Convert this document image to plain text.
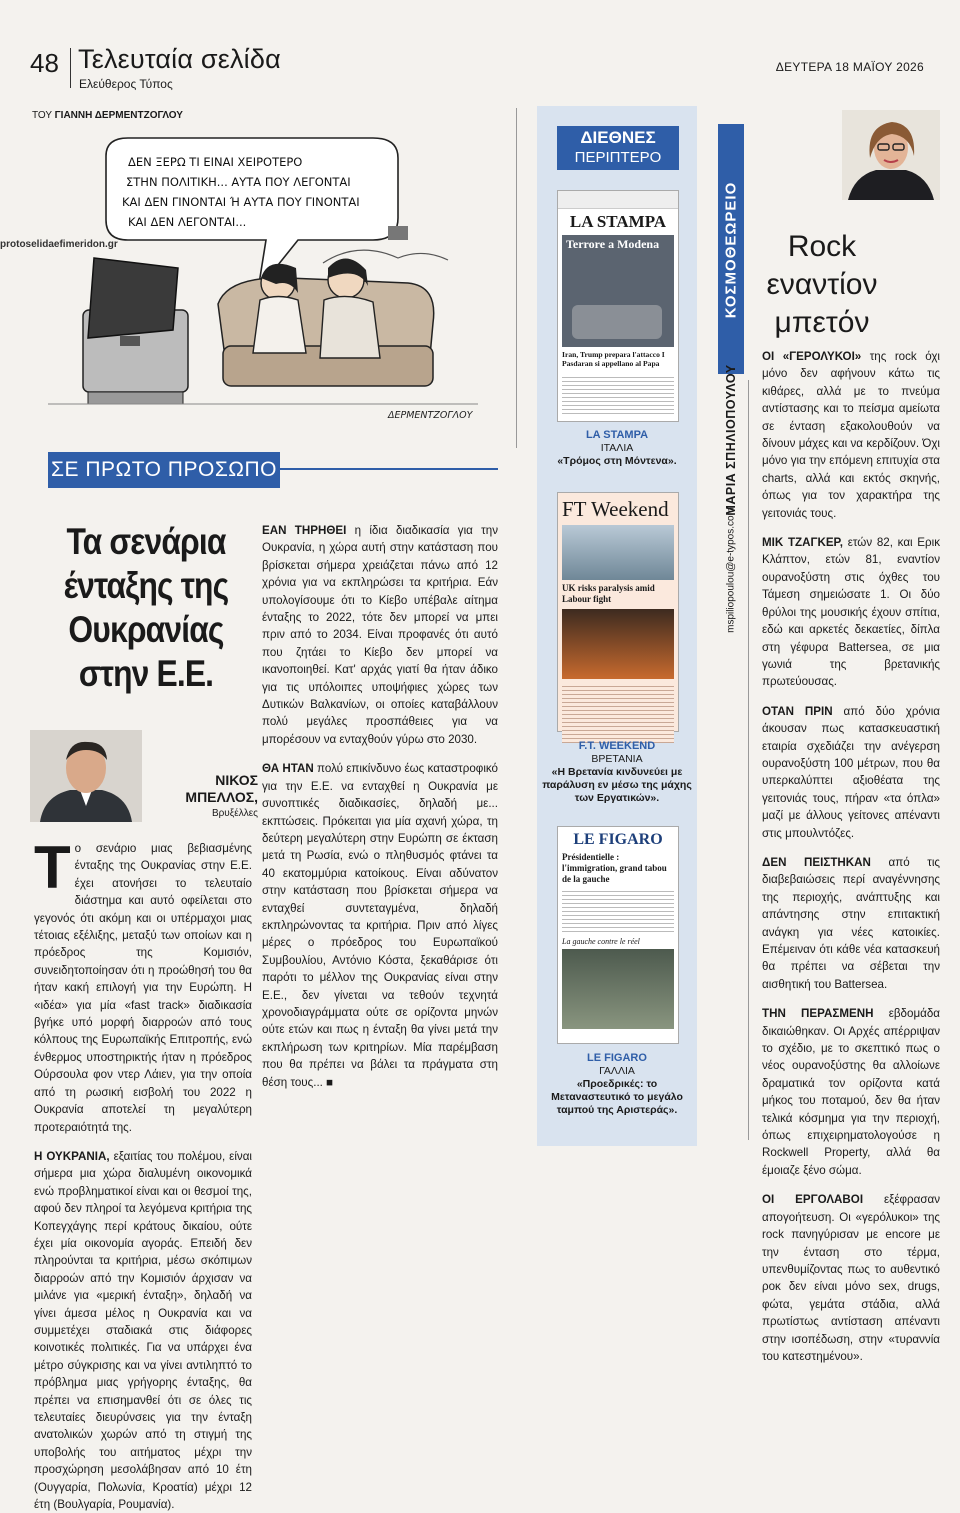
48 Τελευταία σελίδα
Ελεύθερος Τύπος
ΔΕΥΤΕΡΑ 18 ΜΑΪΟΥ 2026
protoselidaefimeridon.gr
ΤΟΥ ΓΙΑΝΝΗ ΔΕΡΜΕΝΤΖΟΓΛΟΥ
ΔΕΝ ΞΕΡΩ ΤΙ ΕΙΝΑΙ ΧΕΙΡΟΤΕΡΟ
ΣΤΗΝ ΠΟΛΙΤΙΚΗ... ΑΥΤΑ ΠΟΥ ΛΕΓΟΝΤΑΙ
ΚΑΙ ΔΕΝ ΓΙΝΟΝΤΑΙ Ή ΑΥΤΑ ΠΟΥ ΓΙΝΟΝΤΑΙ
ΚΑΙ ΔΕΝ ΛΕΓΟΝΤΑΙ...
ΔΕΡΜΕΝΤΖΟΓΛΟΥ
ΣΕ ΠΡΩΤΟ ΠΡΟΣΩΠΟ
Τα σενάρια ένταξης της Ουκρανίας στην Ε.Ε.
ΝΙΚΟΣ ΜΠΕΛΛΟΣ,
Βρυξέλλες

Το σενάριο μιας βεβιασμένης ένταξης της Ουκρανίας στην Ε.Ε. έχει ατονήσει το τελευταίο διάστημα και αυτό οφείλεται στο γεγονός ότι ακόμη και οι υπέρμαχοι μιας τέτοιας εξέλιξης, μεταξύ των οποίων και η πρόεδρος της Κομισιόν, συνειδητοποίησαν ότι η προώθησή του θα ήταν κακή επιλογή για την Ευρώπη. Η «ιδέα» για μία «fast track» διαδικασία βγήκε υπό μορφή διαρροών από τους κόλπους της Ευρωπαϊκής Επιτροπής, ενώ ένθερμος υποστηρικτής ήταν η πρόεδρος Ούρσουλα φον ντερ Λάιεν, για την οποία από τη ρωσική εισβολή του 2022 η Ουκρανία αποτελεί τη μεγαλύτερη προτεραιότητά της.

Η ΟΥΚΡΑΝΙΑ, εξαιτίας του πολέμου, είναι σήμερα μια χώρα διαλυμένη οικονομικά ενώ προβληματικοί είναι και οι θεσμοί της, αφού δεν πληροί τα λεγόμενα κριτήρια της Κοπεγχάγης περί κράτους δικαίου, ούτε έχει μία οικονομία αγοράς. Επειδή δεν πληρούνται τα κριτήρια, μέσω σκόπιμων διαρροών από την Κομισιόν άρχισαν να μιλάνε για «μερική ένταξη», δηλαδή να γίνει άμεσα μέλος η Ουκρανία και να συμμετέχει σταδιακά στις διάφορες κοινοτικές πολιτικές. Για να υπάρχει ένα μέτρο σύγκρισης και να γίνει αντιληπτό το πρόβλημα μιας γρήγορης ένταξης, θα πρέπει να επισημανθεί ότι σε όλες τις τελευταίες διευρύνσεις για την ένταξη ανατολικών χωρών από τη στιγμή της υποβολής του αιτήματος μέχρι την προσχώρηση μεσολάβησαν από 10 έτη (Ουγγαρία, Πολωνία, Κροατία) μέχρι 12 έτη (Βουλγαρία, Ρουμανία).

ΕΑΝ ΤΗΡΗΘΕΙ η ίδια διαδικασία για την Ουκρανία, η χώρα αυτή στην κατάσταση που βρίσκεται σήμερα χρειάζεται πάνω από 12 χρόνια για να εκπληρώσει τα κριτήρια. Εάν υπολογίσουμε ότι το Κίεβο υπέβαλε αίτημα ένταξης το 2022, τότε δεν μπορεί να μπει πριν από το 2034. Είναι προφανές ότι αυτό που ζητάει το Κίεβο δεν μπορεί να ικανοποιηθεί. Κατ' αρχάς γιατί θα ήταν άδικο για τις υπόλοιπες υποψήφιες χώρες των Δυτικών Βαλκανίων, οι οποίες καταβάλλουν πολύ μεγάλες προσπάθειες για να μπορέσουν να ενταχθούν γύρω στο 2030.

ΘΑ ΗΤΑΝ πολύ επικίνδυνο έως καταστροφικό για την Ε.Ε. να ενταχθεί η Ουκρανία με συνοπτικές διαδικασίες, δηλαδή με... εκπτώσεις. Πρόκειται για μία αχανή χώρα, τη δεύτερη μεγαλύτερη στην Ευρώπη σε έκταση μετά τη Ρωσία, ενώ ο πληθυσμός φτάνει τα 40 εκατομμύρια κατοίκους. Είναι αδύνατον στην κατάσταση που βρίσκεται σήμερα να ενταχθεί συντεταγμένα, δηλαδή εκπληρώνοντας τα κριτήρια. Πριν από λίγες μέρες ο πρόεδρος του Ευρωπαϊκού Συμβουλίου, Αντόνιο Κόστα, ξεκαθάρισε ότι παρότι το μέλλον της Ουκρανίας είναι στην Ε.Ε., δεν γίνεται να τεθούν τεχνητά χρονοδιαγράμματα ούτε σε ορίζοντα μηνών ούτε ετών και πως η ένταξη θα γίνει μετά την εκπλήρωση των κριτηρίων. Μία παρέμβαση που θα πρέπει να βάλει τα πράγματα στη θέση τους... ■

ΔΙΕΘΝΕΣ
ΠΕΡΙΠΤΕΡΟ
LA STAMPA
Terrore a Modena
Iran, Trump prepara l'attacco I Pasdaran si appellano al Papa
LA STAMPA
ΙΤΑΛΙΑ
«Τρόμος στη Μόντενα».
FT Weekend
UK risks paralysis amid Labour fight
F.T. WEEKEND
ΒΡΕΤΑΝΙΑ
«Η Βρετανία κινδυνεύει με παράλυση εν μέσω της μάχης των Εργατικών».
LE FIGARO
Présidentielle : l'immigration, grand tabou de la gauche
La gauche contre le réel
LE FIGARO
ΓΑΛΛΙΑ
«Προεδρικές: το Μεταναστευτικό το μεγάλο ταμπού της Αριστεράς».
ΚΟΣΜΟΘΕΩΡΕΙΟ
ΜΑΡΙΑ ΣΠΗΛΙΟΠΟΥΛΟΥ
mspiliopoulou@e-typos.com
Rock εναντίον μπετόν

ΟΙ «ΓΕΡΟΛΥΚΟΙ» της rock όχι μόνο δεν αφήνουν κάτω τις κιθάρες, αλλά με το πνεύμα αντίστασης και το πείσμα αμείωτα σε ένταση εξακολουθούν να δίνουν μάχες και να κερδίζουν. Όχι μόνο για την επόμενη επιτυχία στα charts, αλλά και εκτός σκηνής, όπως για τον χαρακτήρα της γειτονιάς τους.

ΜΙΚ ΤΖΑΓΚΕΡ, ετών 82, και Ερικ Κλάπτον, ετών 81, εναντίον ουρανοξύστη στις όχθες του Τάμεση σημειώσατε 1. Οι δύο θρύλοι της μουσικής έχουν σπίτια, εδώ και αρκετές δεκαετίες, δίπλα στη γέφυρα Battersea, σε μια γωνιά της βρετανικής πρωτεύουσας.

ΟΤΑΝ ΠΡΙΝ από δύο χρόνια άκουσαν πως κατασκευαστική εταιρία σχεδιάζει την ανέγερση ουρανοξύστη 100 μέτρων, που θα υπερκαλύπτει αξιοθέατα της γειτονιάς τους, πήραν «τα όπλα» μαζί με άλλους γείτονες απέναντι στις μπουλντόζες.

ΔΕΝ ΠΕΙΣΤΗΚΑΝ από τις διαβεβαιώσεις περί αναγέννησης της περιοχής, ανάπτυξης και απάντησης στην επιτακτική ανάγκη για νέες κατοικίες. Επέμειναν ότι κάθε νέα κατασκευή θα πρέπει να σέβεται την αισθητική του Battersea.

ΤΗΝ ΠΕΡΑΣΜΕΝΗ εβδομάδα δικαιώθηκαν. Οι Αρχές απέρριψαν το σχέδιο, με το σκεπτικό πως ο νέος ουρανοξύστης θα αλλοίωνε δραματικά τον ορίζοντα κατά μήκος του ποταμού, δεν θα ήταν τελικά κόσμημα για την περιοχή, όπως επιχειρηματολογούσε η Rockwell Property, αλλά θα έμοιαζε ξένο σώμα.

ΟΙ ΕΡΓΟΛΑΒΟΙ εξέφρασαν απογοήτευση. Οι «γερόλυκοι» της rock πανηγύρισαν με encore με την ένταση στο τέρμα, υπενθυμίζοντας πως το αυθεντικό ροκ δεν είναι μόνο sex, drugs, φώτα, γεμάτα στάδια, αλλά πρωτίστως αντίσταση απέναντι στην ισοπέδωση, στην «τυραννία του κατεστημένου».
